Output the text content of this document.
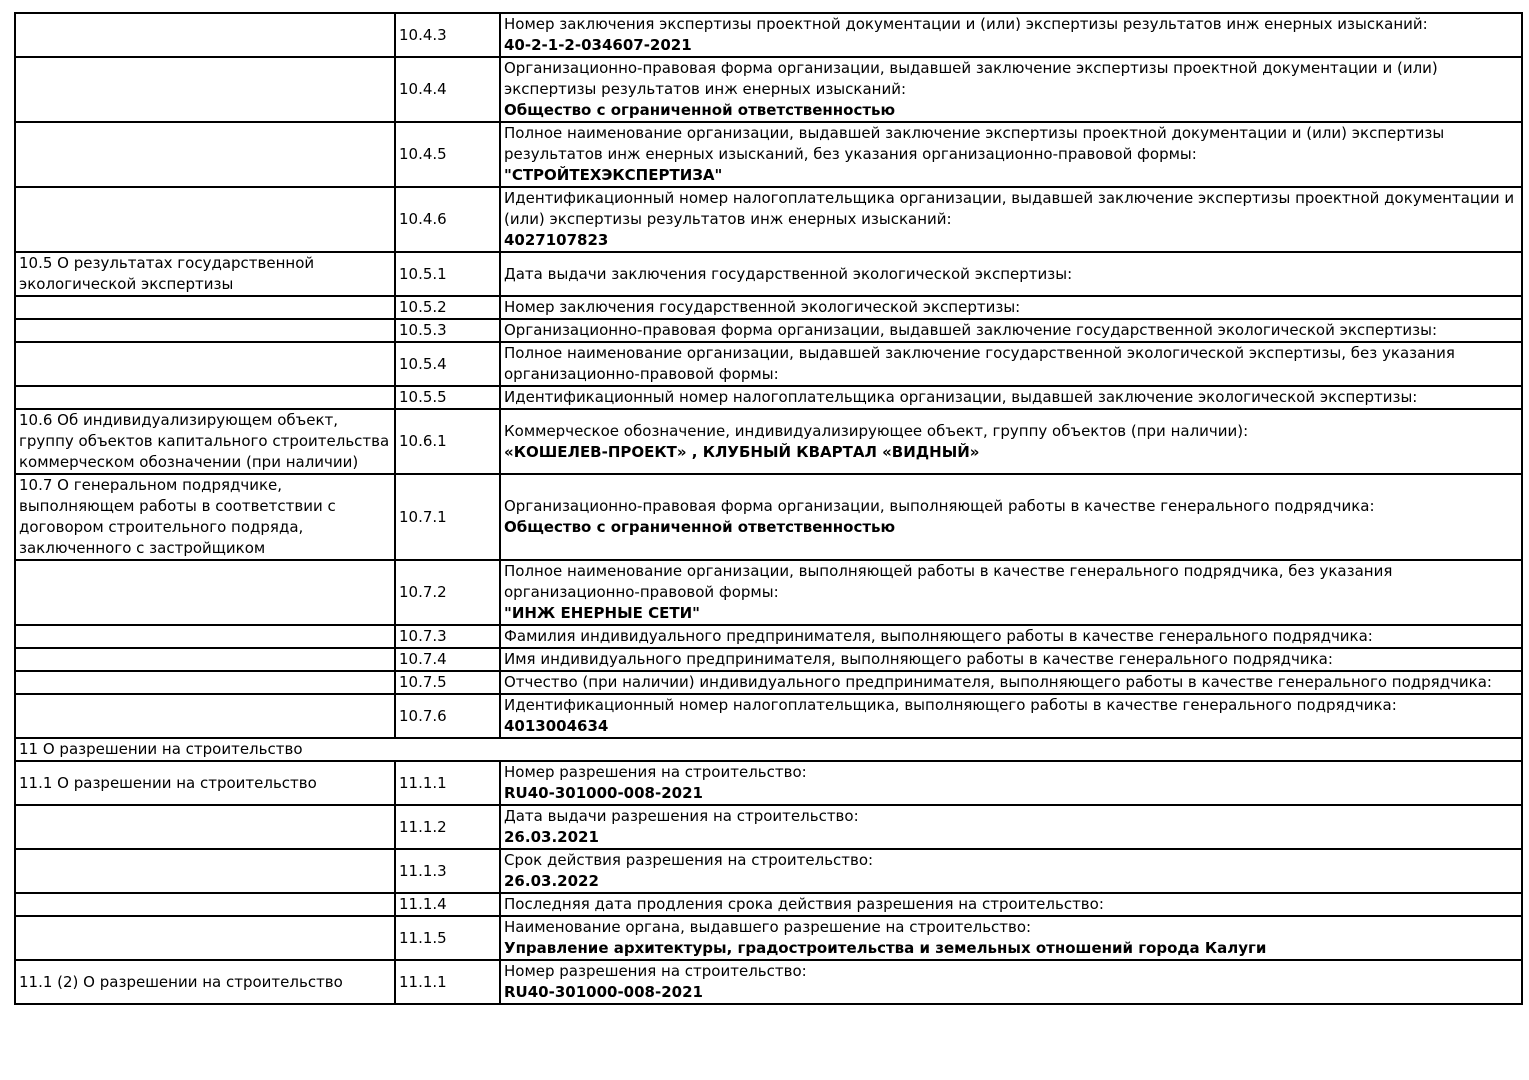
	10.4.3	Номер заключения экспертизы проектной документации и (или) экспертизы результатов инж енерных изысканий:
40-2-1-2-034607-2021

	10.4.4	Организационно-правовая форма организации, выдавшей заключение экспертизы проектной документации и (или) экспертизы результатов инж енерных изысканий:
Общество с ограниченной ответственностью

	10.4.5	Полное наименование организации, выдавшей заключение экспертизы проектной документации и (или) экспертизы результатов инж енерных изысканий, без указания организационно-правовой формы:
"СТРОЙТЕХЭКСПЕРТИЗА"

	10.4.6	Идентификационный номер налогоплательщика организации, выдавшей заключение экспертизы проектной документации и (или) экспертизы результатов инж енерных изысканий:
4027107823

10.5 О результатах государственной экологической экспертизы	10.5.1	Дата выдачи заключения государственной экологической экспертизы:

	10.5.2	Номер заключения государственной экологической экспертизы:

	10.5.3	Организационно-правовая форма организации, выдавшей заключение государственной экологической экспертизы:

	10.5.4	Полное наименование организации, выдавшей заключение государственной экологической экспертизы, без указания организационно-правовой формы:

	10.5.5	Идентификационный номер налогоплательщика организации, выдавшей заключение экологической экспертизы:

10.6 Об индивидуализирующем объект, группу объектов капитального строительства коммерческом обозначении (при наличии)	10.6.1	Коммерческое обозначение, индивидуализирующее объект, группу объектов (при наличии):
«КОШЕЛЕВ-ПРОЕКТ» , КЛУБНЫЙ КВАРТАЛ «ВИДНЫЙ»

10.7 О генеральном подрядчике, выполняющем работы в соответствии с договором строительного подряда, заключенного с застройщиком	10.7.1	Организационно-правовая форма организации, выполняющей работы в качестве генерального подрядчика:
Общество с ограниченной ответственностью

	10.7.2	Полное наименование организации, выполняющей работы в качестве генерального подрядчика, без указания организационно-правовой формы:
"ИНЖ ЕНЕРНЫЕ СЕТИ"

	10.7.3	Фамилия индивидуального предпринимателя, выполняющего работы в качестве генерального подрядчика:

	10.7.4	Имя индивидуального предпринимателя, выполняющего работы в качестве генерального подрядчика:

	10.7.5	Отчество (при наличии) индивидуального предпринимателя, выполняющего работы в качестве генерального подрядчика:

	10.7.6	Идентификационный номер налогоплательщика, выполняющего работы в качестве генерального подрядчика:
4013004634

11 О разрешении на строительство		
11.1 О разрешении на строительство	11.1.1	Номер разрешения на строительство:
RU40-301000-008-2021

	11.1.2	Дата выдачи разрешения на строительство:
26.03.2021

	11.1.3	Срок действия разрешения на строительство:
26.03.2022

	11.1.4	Последняя дата продления срока действия разрешения на строительство:

	11.1.5	Наименование органа, выдавшего разрешение на строительство:
Управление архитектуры, градостроительства и земельных отношений города Калуги

11.1 (2) О разрешении на строительство	11.1.1	Номер разрешения на строительство:
RU40-301000-008-2021
